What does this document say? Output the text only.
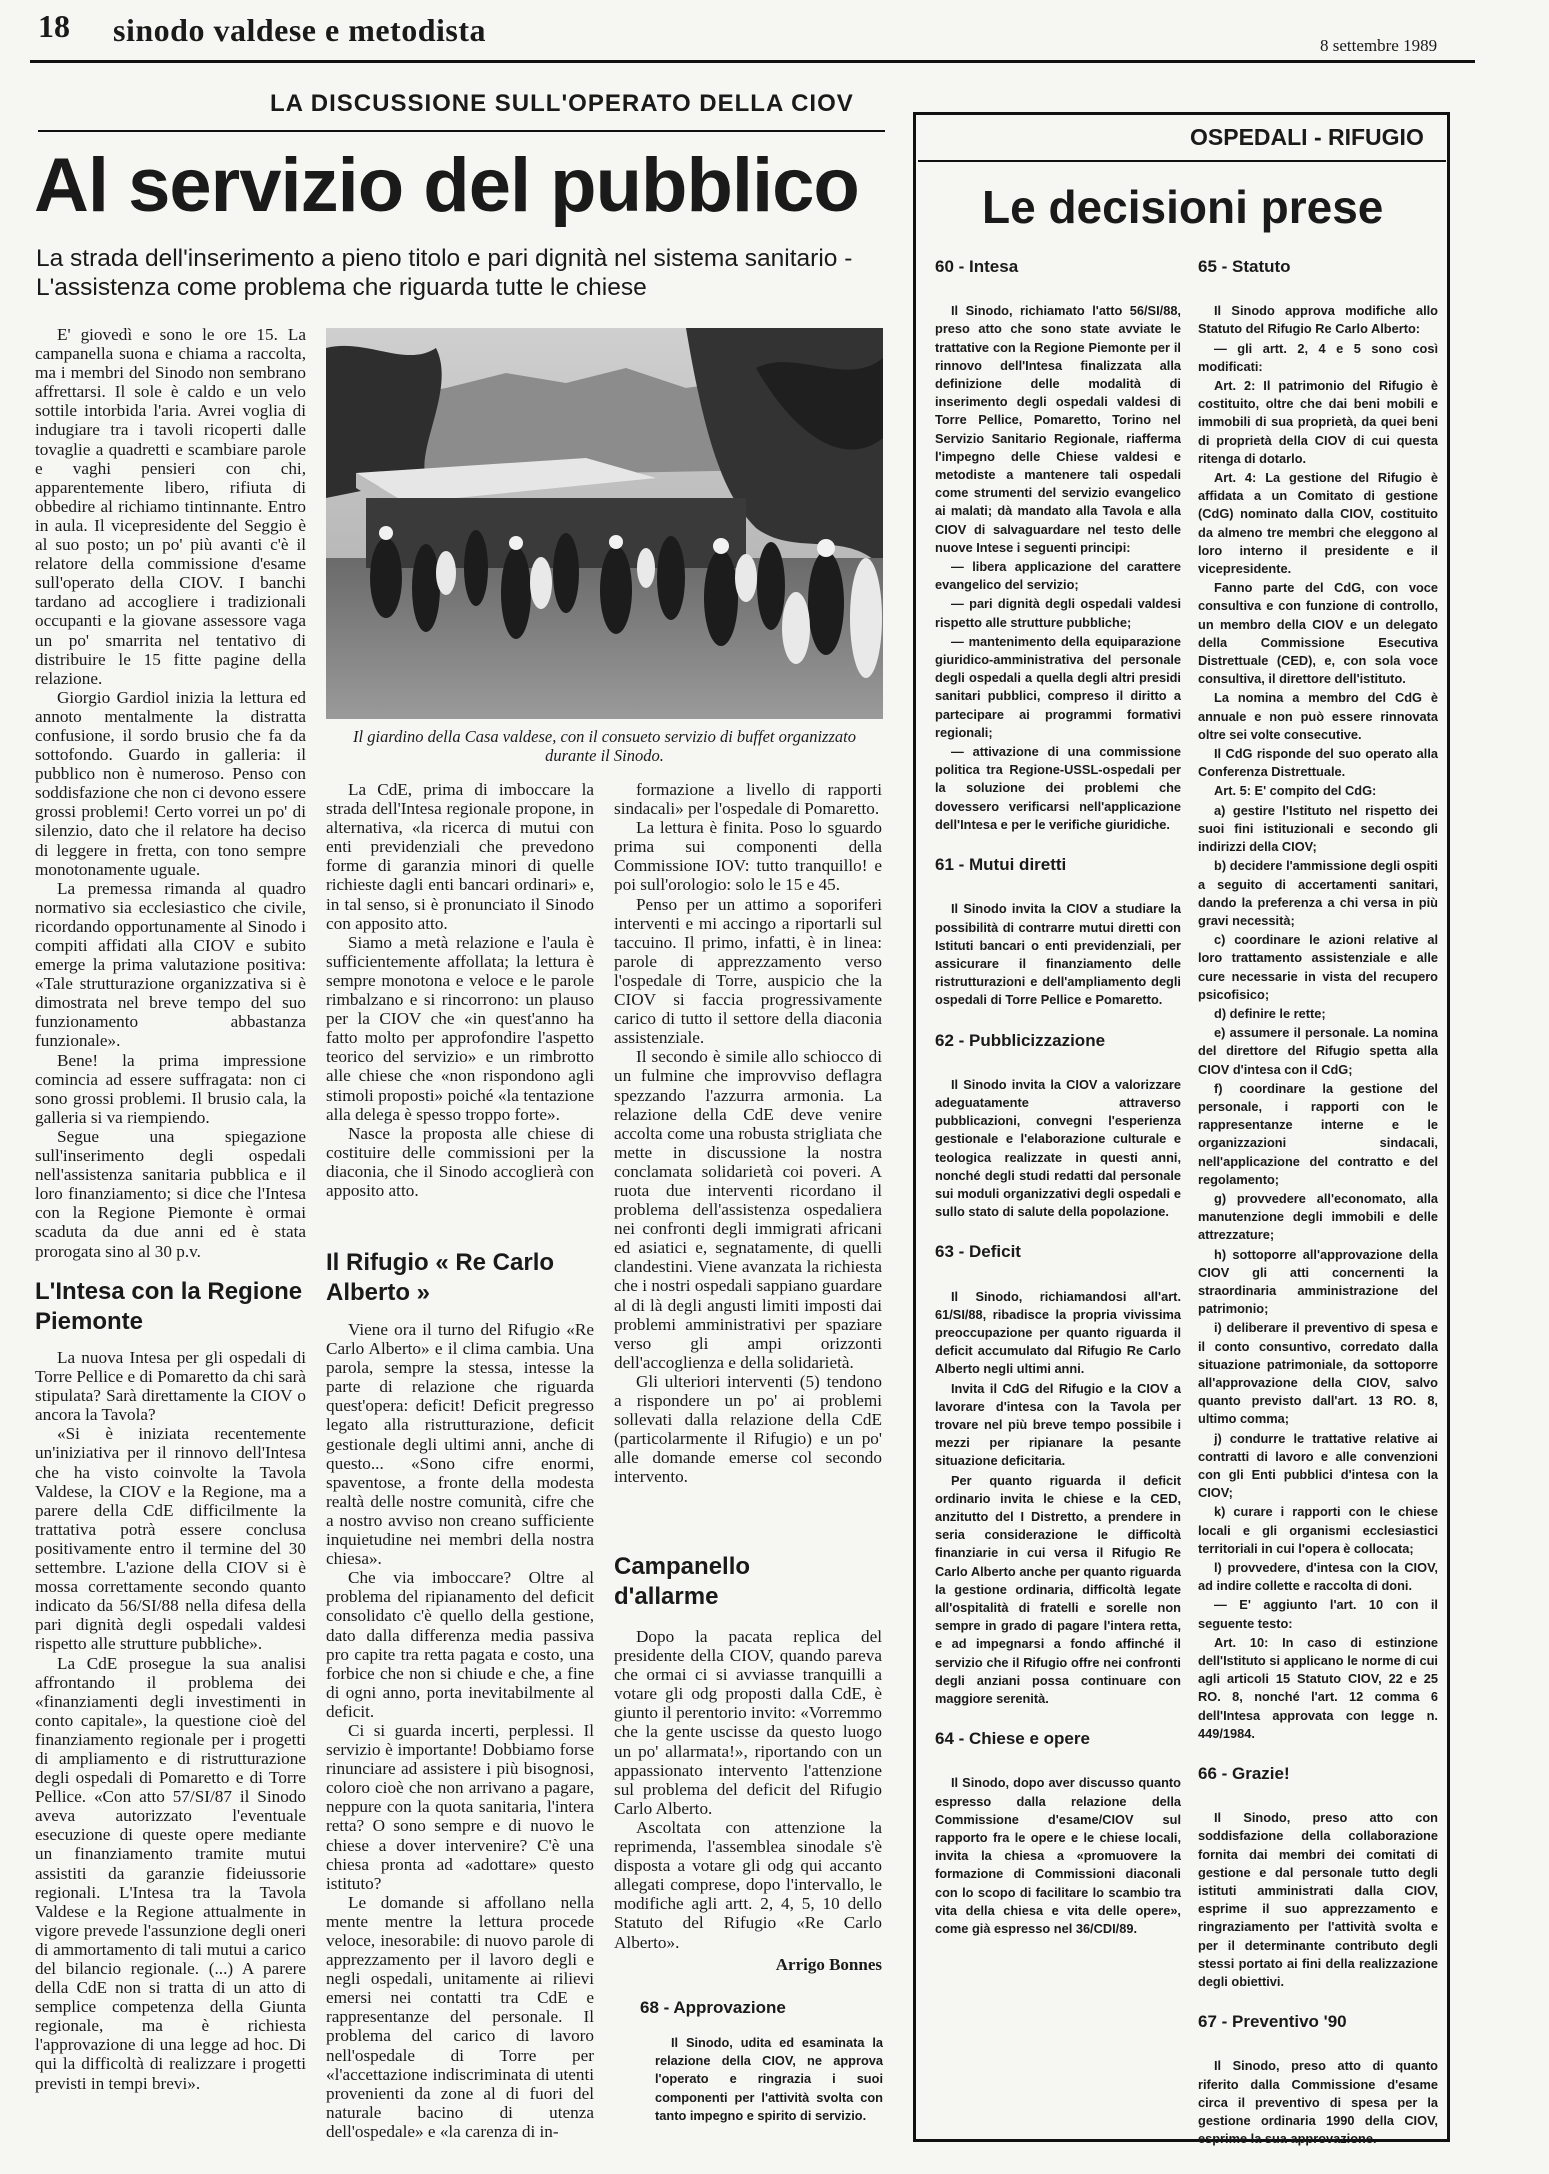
18 sinodo valdese e metodista	8 settembre 1989
LA DISCUSSIONE SULL'OPERATO DELLA CIOV
Al servizio del pubblico
La strada dell'inserimento a pieno titolo e pari dignità nel sistema sanitario - L'assistenza come problema che riguarda tutte le chiese
Il giardino della Casa valdese, con il consueto servizio di buffet organizzato durante il Sinodo.

E' giovedì e sono le ore 15. La campanella suona e chiama a raccolta, ma i membri del Sinodo non sembrano affrettarsi. Il sole è caldo e un velo sottile intorbida l'aria. Avrei voglia di indugiare tra i tavoli ricoperti dalle tovaglie a quadretti e scambiare parole e vaghi pensieri con chi, apparentemente libero, rifiuta di obbedire al richiamo tintinnante. Entro in aula. Il vicepresidente del Seggio è al suo posto; un po' più avanti c'è il relatore della commissione d'esame sull'operato della CIOV. I banchi tardano ad accogliere i tradizionali occupanti e la giovane assessore vaga un po' smarrita nel tentativo di distribuire le 15 fitte pagine della relazione.

Giorgio Gardiol inizia la lettura ed annoto mentalmente la distratta confusione, il sordo brusio che fa da sottofondo. Guardo in galleria: il pubblico non è numeroso. Penso con soddisfazione che non ci devono essere grossi problemi! Certo vorrei un po' di silenzio, dato che il relatore ha deciso di leggere in fretta, con tono sempre monotonamente uguale.

La premessa rimanda al quadro normativo sia ecclesiastico che civile, ricordando opportunamente al Sinodo i compiti affidati alla CIOV e subito emerge la prima valutazione positiva: «Tale strutturazione organizzativa si è dimostrata nel breve tempo del suo funzionamento abbastanza funzionale».

Bene! la prima impressione comincia ad essere suffragata: non ci sono grossi problemi. Il brusio cala, la galleria si va riempiendo.

Segue una spiegazione sull'inserimento degli ospedali nell'assistenza sanitaria pubblica e il loro finanziamento; si dice che l'Intesa con la Regione Piemonte è ormai scaduta da due anni ed è stata prorogata sino al 30 p.v.

L'Intesa con la Regione Piemonte

La nuova Intesa per gli ospedali di Torre Pellice e di Pomaretto da chi sarà stipulata? Sarà direttamente la CIOV o ancora la Tavola?

«Si è iniziata recentemente un'iniziativa per il rinnovo dell'Intesa che ha visto coinvolte la Tavola Valdese, la CIOV e la Regione, ma a parere della CdE difficilmente la trattativa potrà essere conclusa positivamente entro il termine del 30 settembre. L'azione della CIOV si è mossa correttamente secondo quanto indicato da 56/SI/88 nella difesa della pari dignità degli ospedali valdesi rispetto alle strutture pubbliche».

La CdE prosegue la sua analisi affrontando il problema dei «finanziamenti degli investimenti in conto capitale», la questione cioè del finanziamento regionale per i progetti di ampliamento e di ristrutturazione degli ospedali di Pomaretto e di Torre Pellice. «Con atto 57/SI/87 il Sinodo aveva autorizzato l'eventuale esecuzione di queste opere mediante un finanziamento tramite mutui assistiti da garanzie fideiussorie regionali. L'Intesa tra la Tavola Valdese e la Regione attualmente in vigore prevede l'assunzione degli oneri di ammortamento di tali mutui a carico del bilancio regionale. (...) A parere della CdE non si tratta di un atto di semplice competenza della Giunta regionale, ma è richiesta l'approvazione di una legge ad hoc. Di qui la difficoltà di realizzare i progetti previsti in tempi brevi».

La CdE, prima di imboccare la strada dell'Intesa regionale propone, in alternativa, «la ricerca di mutui con enti previdenziali che prevedono forme di garanzia minori di quelle richieste dagli enti bancari ordinari» e, in tal senso, si è pronunciato il Sinodo con apposito atto.

Siamo a metà relazione e l'aula è sufficientemente affollata; la lettura è sempre monotona e veloce e le parole rimbalzano e si rincorrono: un plauso per la CIOV che «in quest'anno ha fatto molto per approfondire l'aspetto teorico del servizio» e un rimbrotto alle chiese che «non rispondono agli stimoli proposti» poiché «la tentazione alla delega è spesso troppo forte».

Nasce la proposta alle chiese di costituire delle commissioni per la diaconia, che il Sinodo accoglierà con apposito atto.

Il Rifugio « Re Carlo Alberto »

Viene ora il turno del Rifugio «Re Carlo Alberto» e il clima cambia. Una parola, sempre la stessa, intesse la parte di relazione che riguarda quest'opera: deficit! Deficit pregresso legato alla ristrutturazione, deficit gestionale degli ultimi anni, anche di questo... «Sono cifre enormi, spaventose, a fronte della modesta realtà delle nostre comunità, cifre che a nostro avviso non creano sufficiente inquietudine nei membri della nostra chiesa».

Che via imboccare? Oltre al problema del ripianamento del deficit consolidato c'è quello della gestione, dato dalla differenza media passiva pro capite tra retta pagata e costo, una forbice che non si chiude e che, a fine di ogni anno, porta inevitabilmente al deficit.

Ci si guarda incerti, perplessi. Il servizio è importante! Dobbiamo forse rinunciare ad assistere i più bisognosi, coloro cioè che non arrivano a pagare, neppure con la quota sanitaria, l'intera retta? O sono sempre e di nuovo le chiese a dover intervenire? C'è una chiesa pronta ad «adottare» questo istituto?

Le domande si affollano nella mente mentre la lettura procede veloce, inesorabile: di nuovo parole di apprezzamento per il lavoro degli e negli ospedali, unitamente ai rilievi emersi nei contatti tra CdE e rappresentanze del personale. Il problema del carico di lavoro nell'ospedale di Torre per «l'accettazione indiscriminata di utenti provenienti da zone al di fuori del naturale bacino di utenza dell'ospedale» e «la carenza di in-

formazione a livello di rapporti sindacali» per l'ospedale di Pomaretto.

La lettura è finita. Poso lo sguardo prima sui componenti della Commissione IOV: tutto tranquillo! e poi sull'orologio: solo le 15 e 45.

Penso per un attimo a soporiferi interventi e mi accingo a riportarli sul taccuino. Il primo, infatti, è in linea: parole di apprezzamento verso l'ospedale di Torre, auspicio che la CIOV si faccia progressivamente carico di tutto il settore della diaconia assistenziale.

Il secondo è simile allo schiocco di un fulmine che improvviso deflagra spezzando l'azzurra armonia. La relazione della CdE deve venire accolta come una robusta strigliata che mette in discussione la nostra conclamata solidarietà coi poveri. A ruota due interventi ricordano il problema dell'assistenza ospedaliera nei confronti degli immigrati africani ed asiatici e, segnatamente, di quelli clandestini. Viene avanzata la richiesta che i nostri ospedali sappiano guardare al di là degli angusti limiti imposti dai problemi amministrativi per spaziare verso gli ampi orizzonti dell'accoglienza e della solidarietà.

Gli ulteriori interventi (5) tendono a rispondere un po' ai problemi sollevati dalla relazione della CdE (particolarmente il Rifugio) e un po' alle domande emerse col secondo intervento.

Campanello d'allarme

Dopo la pacata replica del presidente della CIOV, quando pareva che ormai ci si avviasse tranquilli a votare gli odg proposti dalla CdE, è giunto il perentorio invito: «Vorremmo che la gente uscisse da questo luogo un po' allarmata!», riportando con un appassionato intervento l'attenzione sul problema del deficit del Rifugio Carlo Alberto.

Ascoltata con attenzione la reprimenda, l'assemblea sinodale s'è disposta a votare gli odg qui accanto allegati comprese, dopo l'intervallo, le modifiche agli artt. 2, 4, 5, 10 dello Statuto del Rifugio «Re Carlo Alberto».

Arrigo Bonnes
68 - Approvazione

Il Sinodo, udita ed esaminata la relazione della CIOV, ne approva l'operato e ringrazia i suoi componenti per l'attività svolta con tanto impegno e spirito di servizio.

OSPEDALI - RIFUGIO
Le decisioni prese
60 - Intesa

Il Sinodo, richiamato l'atto 56/SI/88, preso atto che sono state avviate le trattative con la Regione Piemonte per il rinnovo dell'Intesa finalizzata alla definizione delle modalità di inserimento degli ospedali valdesi di Torre Pellice, Pomaretto, Torino nel Servizio Sanitario Regionale, riafferma l'impegno delle Chiese valdesi e metodiste a mantenere tali ospedali come strumenti del servizio evangelico ai malati; dà mandato alla Tavola e alla CIOV di salvaguardare nel testo delle nuove Intese i seguenti principi:

— libera applicazione del carattere evangelico del servizio;

— pari dignità degli ospedali valdesi rispetto alle strutture pubbliche;

— mantenimento della equiparazione giuridico-amministrativa del personale degli ospedali a quella degli altri presidi sanitari pubblici, compreso il diritto a partecipare ai programmi formativi regionali;

— attivazione di una commissione politica tra Regione-USSL-ospedali per la soluzione dei problemi che dovessero verificarsi nell'applicazione dell'Intesa e per le verifiche giuridiche.

61 - Mutui diretti

Il Sinodo invita la CIOV a studiare la possibilità di contrarre mutui diretti con Istituti bancari o enti previdenziali, per assicurare il finanziamento delle ristrutturazioni e dell'ampliamento degli ospedali di Torre Pellice e Pomaretto.

62 - Pubblicizzazione

Il Sinodo invita la CIOV a valorizzare adeguatamente attraverso pubblicazioni, convegni l'esperienza gestionale e l'elaborazione culturale e teologica realizzate in questi anni, nonché degli studi redatti dal personale sui moduli organizzativi degli ospedali e sullo stato di salute della popolazione.

63 - Deficit

Il Sinodo, richiamandosi all'art. 61/SI/88, ribadisce la propria vivissima preoccupazione per quanto riguarda il deficit accumulato dal Rifugio Re Carlo Alberto negli ultimi anni.

Invita il CdG del Rifugio e la CIOV a lavorare d'intesa con la Tavola per trovare nel più breve tempo possibile i mezzi per ripianare la pesante situazione deficitaria.

Per quanto riguarda il deficit ordinario invita le chiese e la CED, anzitutto del I Distretto, a prendere in seria considerazione le difficoltà finanziarie in cui versa il Rifugio Re Carlo Alberto anche per quanto riguarda la gestione ordinaria, difficoltà legate all'ospitalità di fratelli e sorelle non sempre in grado di pagare l'intera retta, e ad impegnarsi a fondo affinché il servizio che il Rifugio offre nei confronti degli anziani possa continuare con maggiore serenità.

64 - Chiese e opere

Il Sinodo, dopo aver discusso quanto espresso dalla relazione della Commissione d'esame/CIOV sul rapporto fra le opere e le chiese locali, invita la chiesa a «promuovere la formazione di Commissioni diaconali con lo scopo di facilitare lo scambio tra vita della chiesa e vita delle opere», come già espresso nel 36/CDI/89.

65 - Statuto

Il Sinodo approva modifiche allo Statuto del Rifugio Re Carlo Alberto:

— gli artt. 2, 4 e 5 sono così modificati:

Art. 2: Il patrimonio del Rifugio è costituito, oltre che dai beni mobili e immobili di sua proprietà, da quei beni di proprietà della CIOV di cui questa ritenga di dotarlo.

Art. 4: La gestione del Rifugio è affidata a un Comitato di gestione (CdG) nominato dalla CIOV, costituito da almeno tre membri che eleggono al loro interno il presidente e il vicepresidente.

Fanno parte del CdG, con voce consultiva e con funzione di controllo, un membro della CIOV e un delegato della Commissione Esecutiva Distrettuale (CED), e, con sola voce consultiva, il direttore dell'istituto.

La nomina a membro del CdG è annuale e non può essere rinnovata oltre sei volte consecutive.

Il CdG risponde del suo operato alla Conferenza Distrettuale.

Art. 5: E' compito del CdG:

a) gestire l'Istituto nel rispetto dei suoi fini istituzionali e secondo gli indirizzi della CIOV;

b) decidere l'ammissione degli ospiti a seguito di accertamenti sanitari, dando la preferenza a chi versa in più gravi necessità;

c) coordinare le azioni relative al loro trattamento assistenziale e alle cure necessarie in vista del recupero psicofisico;

d) definire le rette;

e) assumere il personale. La nomina del direttore del Rifugio spetta alla CIOV d'intesa con il CdG;

f) coordinare la gestione del personale, i rapporti con le rappresentanze interne e le organizzazioni sindacali, nell'applicazione del contratto e del regolamento;

g) provvedere all'economato, alla manutenzione degli immobili e delle attrezzature;

h) sottoporre all'approvazione della CIOV gli atti concernenti la straordinaria amministrazione del patrimonio;

i) deliberare il preventivo di spesa e il conto consuntivo, corredato dalla situazione patrimoniale, da sottoporre all'approvazione della CIOV, salvo quanto previsto dall'art. 13 RO. 8, ultimo comma;

j) condurre le trattative relative ai contratti di lavoro e alle convenzioni con gli Enti pubblici d'intesa con la CIOV;

k) curare i rapporti con le chiese locali e gli organismi ecclesiastici territoriali in cui l'opera è collocata;

l) provvedere, d'intesa con la CIOV, ad indire collette e raccolta di doni.

— E' aggiunto l'art. 10 con il seguente testo:

Art. 10: In caso di estinzione dell'Istituto si applicano le norme di cui agli articoli 15 Statuto CIOV, 22 e 25 RO. 8, nonché l'art. 12 comma 6 dell'Intesa approvata con legge n. 449/1984.

66 - Grazie!

Il Sinodo, preso atto con soddisfazione della collaborazione fornita dai membri dei comitati di gestione e dal personale tutto degli istituti amministrati dalla CIOV, esprime il suo apprezzamento e ringraziamento per l'attività svolta e per il determinante contributo degli stessi portato ai fini della realizzazione degli obiettivi.

67 - Preventivo '90

Il Sinodo, preso atto di quanto riferito dalla Commissione d'esame circa il preventivo di spesa per la gestione ordinaria 1990 della CIOV, esprime la sua approvazione.
